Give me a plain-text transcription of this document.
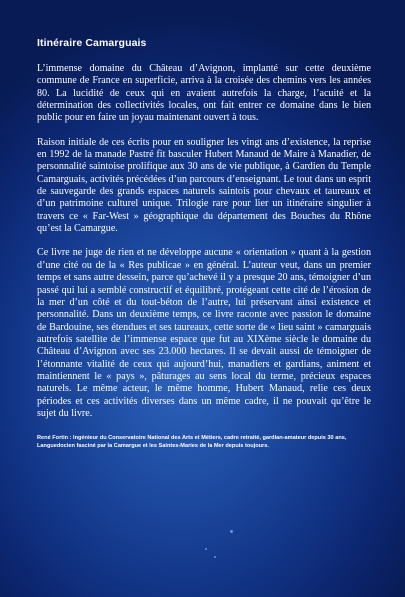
Itinéraire Camarguais

L’immense domaine du Château d’Avignon, implanté sur cette deuxième commune de France en superficie, arriva à la croisée des chemins vers les années 80. La lucidité de ceux qui en avaient autrefois la charge, l’acuité et la détermination des collectivités locales, ont fait entrer ce domaine dans le bien public pour en faire un joyau maintenant ouvert à tous.

Raison initiale de ces écrits pour en souligner les vingt ans d’existence, la reprise en 1992 de la manade Pastré fit basculer Hubert Manaud de Maire à Manadier, de personnalité saintoise prolifique aux 30 ans de vie publique, à Gardien du Temple Camarguais, activités précédées d’un parcours d’enseignant. Le tout dans un esprit de sauvegarde des grands espaces naturels saintois pour chevaux et taureaux et d’un patrimoine culturel unique. Trilogie rare pour lier un itinéraire singulier à travers ce « Far-West » géographique du département des Bouches du Rhône qu’est la Camargue.

Ce livre ne juge de rien et ne développe aucune « orientation » quant à la gestion d’une cité ou de la « Res publicae » en général. L’auteur veut, dans un premier temps et sans autre dessein, parce qu’achevé il y a presque 20 ans, témoigner d’un passé qui lui a semblé constructif et équilibré, protégeant cette cité de l’érosion de la mer d’un côté et du tout-béton de l’autre, lui préservant ainsi existence et personnalité. Dans un deuxième temps, ce livre raconte avec passion le domaine de Bardouine, ses étendues et ses taureaux, cette sorte de « lieu saint » camarguais autrefois satellite de l’immense espace que fut au XIXème siècle le domaine du Château d’Avignon avec ses 23.000 hectares. Il se devait aussi de témoigner de l’étonnante vitalité de ceux qui aujourd’hui, manadiers et gardians, animent et maintiennent le « pays », pâturages au sens local du terme, précieux espaces naturels. Le même acteur, le même homme, Hubert Manaud, relie ces deux périodes et ces activités diverses dans un même cadre, il ne pouvait qu’être le sujet du livre.

René Fortin : Ingénieur du Conservatoire National des Arts et Métiers, cadre retraité, gardian-amateur depuis 30 ans, Languedocien fasciné par la Camargue et les Saintes-Maries de la Mer depuis toujours.
